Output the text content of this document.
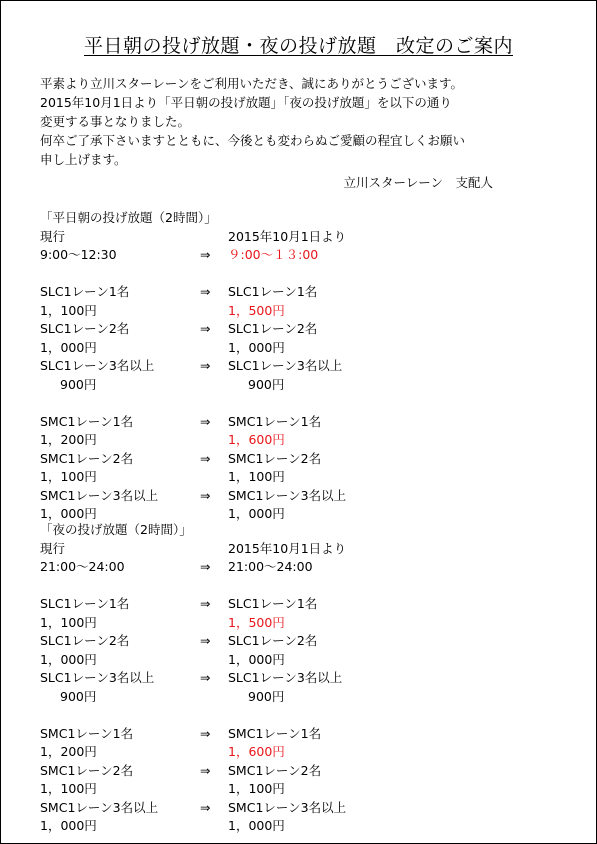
平日朝の投げ放題・夜の投げ放題　改定のご案内
平素より立川スターレーンをご利用いただき、誠にありがとうございます。
2015年10月1日より「平日朝の投げ放題」「夜の投げ放題」を以下の通り
変更する事となりました。
何卒ご了承下さいますとともに、今後とも変わらぬご愛顧の程宜しくお願い
申し上げます。
立川スターレーン　支配人
「平日朝の投げ放題（2時間）」
現行	2015年10月1日より
9:00〜12:30	⇒ ９:00〜１３:00
SLC1レーン1名	⇒ SLC1レーン1名
1，100円	1，500円
SLC1レーン2名	⇒ SLC1レーン2名
1，000円	1，000円
SLC1レーン3名以上	⇒ SLC1レーン3名以上
900円	900円
SMC1レーン1名	⇒ SMC1レーン1名
1，200円	1，600円
SMC1レーン2名	⇒ SMC1レーン2名
1，100円	1，100円
SMC1レーン3名以上	⇒ SMC1レーン3名以上
1，000円	1，000円
「夜の投げ放題（2時間）」
現行	2015年10月1日より
21:00〜24:00	⇒ 21:00〜24:00
SLC1レーン1名	⇒ SLC1レーン1名
1，100円	1，500円
SLC1レーン2名	⇒ SLC1レーン2名
1，000円	1，000円
SLC1レーン3名以上	⇒ SLC1レーン3名以上
900円	900円
SMC1レーン1名	⇒ SMC1レーン1名
1，200円	1，600円
SMC1レーン2名	⇒ SMC1レーン2名
1，100円	1，100円
SMC1レーン3名以上	⇒ SMC1レーン3名以上
1，000円	1，000円
